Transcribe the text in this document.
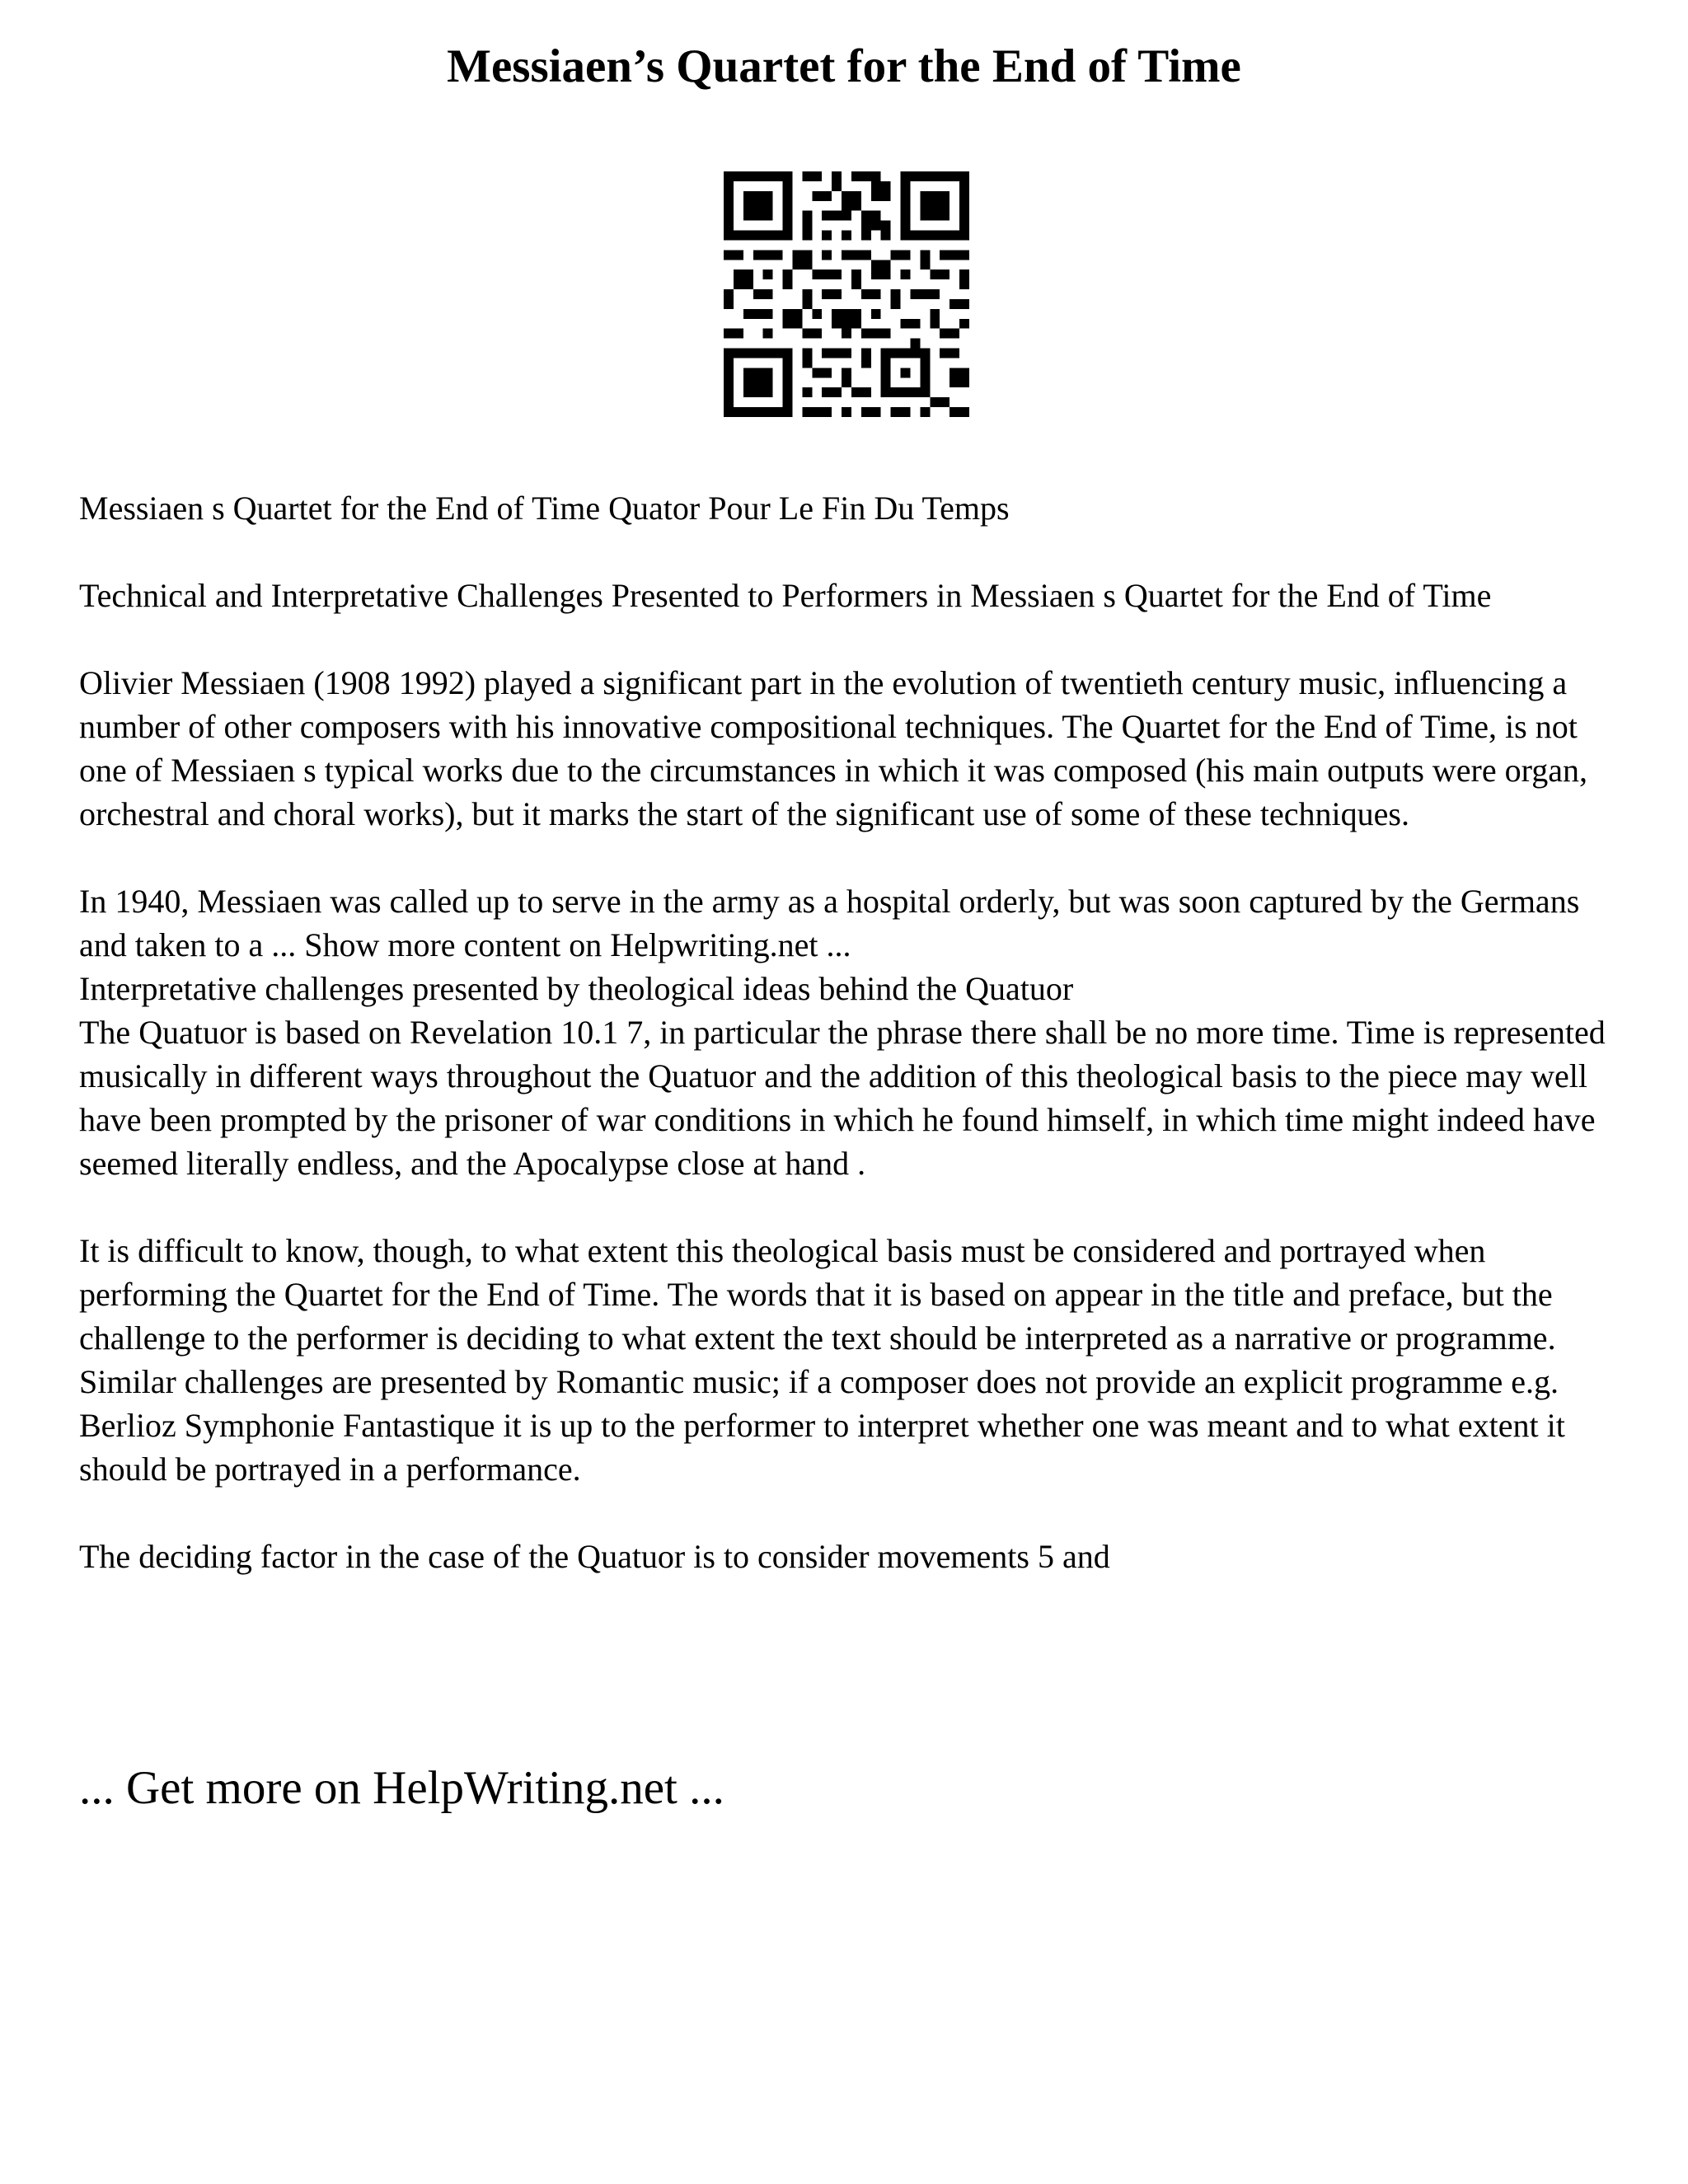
Messiaen’s Quartet for the End of Time

Messiaen s Quartet for the End of Time Quator Pour Le Fin Du Temps

Technical and Interpretative Challenges Presented to Performers in Messiaen s Quartet for the End of Time

Olivier Messiaen (1908 1992) played a significant part in the evolution of twentieth century music, influencing a number of other composers with his innovative compositional techniques. The Quartet for the End of Time, is not one of Messiaen s typical works due to the circumstances in which it was composed (his main outputs were organ, orchestral and choral works), but it marks the start of the significant use of some of these techniques.

In 1940, Messiaen was called up to serve in the army as a hospital orderly, but was soon captured by the Germans and taken to a ... Show more content on Helpwriting.net ...

Interpretative challenges presented by theological ideas behind the Quatuor

The Quatuor is based on Revelation 10.1 7, in particular the phrase there shall be no more time. Time is represented musically in different ways throughout the Quatuor and the addition of this theological basis to the piece may well have been prompted by the prisoner of war conditions in which he found himself, in which time might indeed have seemed literally endless, and the Apocalypse close at hand .

It is difficult to know, though, to what extent this theological basis must be considered and portrayed when performing the Quartet for the End of Time. The words that it is based on appear in the title and preface, but the challenge to the performer is deciding to what extent the text should be interpreted as a narrative or programme.

Similar challenges are presented by Romantic music; if a composer does not provide an explicit programme e.g. Berlioz Symphonie Fantastique it is up to the performer to interpret whether one was meant and to what extent it should be portrayed in a performance.

The deciding factor in the case of the Quatuor is to consider movements 5 and

... Get more on HelpWriting.net ...
